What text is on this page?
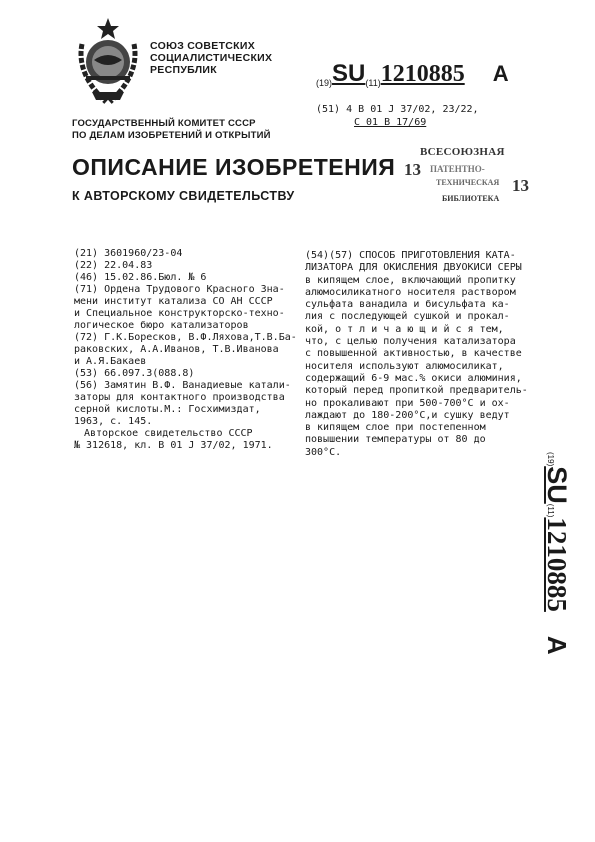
СОЮЗ СОВЕТСКИХ
СОЦИАЛИСТИЧЕСКИХ
РЕСПУБЛИК
(19)SU(11)1210885 A
(51) 4 B 01 J 37/02, 23/22,
C 01 B 17/69
ГОСУДАРСТВЕННЫЙ КОМИТЕТ СССР
ПО ДЕЛАМ ИЗОБРЕТЕНИЙ И ОТКРЫТИЙ
ОПИСАНИЕ ИЗОБРЕТЕНИЯ
К АВТОРСКОМУ СВИДЕТЕЛЬСТВУ
ВСЕСОЮЗНАЯ
ПАТЕНТНО-
ТЕХНИЧЕСКАЯ
БИБЛИОТЕКА
13
13
(21) 3601960/23-04
(22) 22.04.83
(46) 15.02.86.Бюл. № 6
(71) Ордена Трудового Красного Зна-
мени институт катализа СО АН СССР
и Специальное конструкторско-техно-
логическое бюро катализаторов
(72) Г.К.Боресков, В.Ф.Ляхова,Т.В.Ба-
раковских, А.А.Иванов, Т.В.Иванова
и А.Я.Бакаев
(53) 66.097.3(088.8)
(56) Замятин В.Ф. Ванадиевые катали-
заторы для контактного производства
серной кислоты.М.: Госхимиздат,
1963, с. 145.
Авторское свидетельство СССР
№ 312618, кл. B 01 J 37/02, 1971.
(54)(57) СПОСОБ ПРИГОТОВЛЕНИЯ КАТА-
ЛИЗАТОРА ДЛЯ ОКИСЛЕНИЯ ДВУОКИСИ СЕРЫ
в кипящем слое, включающий пропитку
алюмосиликатного носителя раствором
сульфата ванадила и бисульфата ка-
лия с последующей сушкой и прокал-
кой, о т л и ч а ю щ и й с я тем,
что, с целью получения катализатора
с повышенной активностью, в качестве
носителя используют алюмосиликат,
содержащий 6-9 мас.% окиси алюминия,
который перед пропиткой предваритель-
но прокаливают при 500-700°C и ох-
лаждают до 180-200°C,и сушку ведут
в кипящем слое при постепенном
повышении температуры от 80 до
300°C.	(19)SU(11)1210885A
